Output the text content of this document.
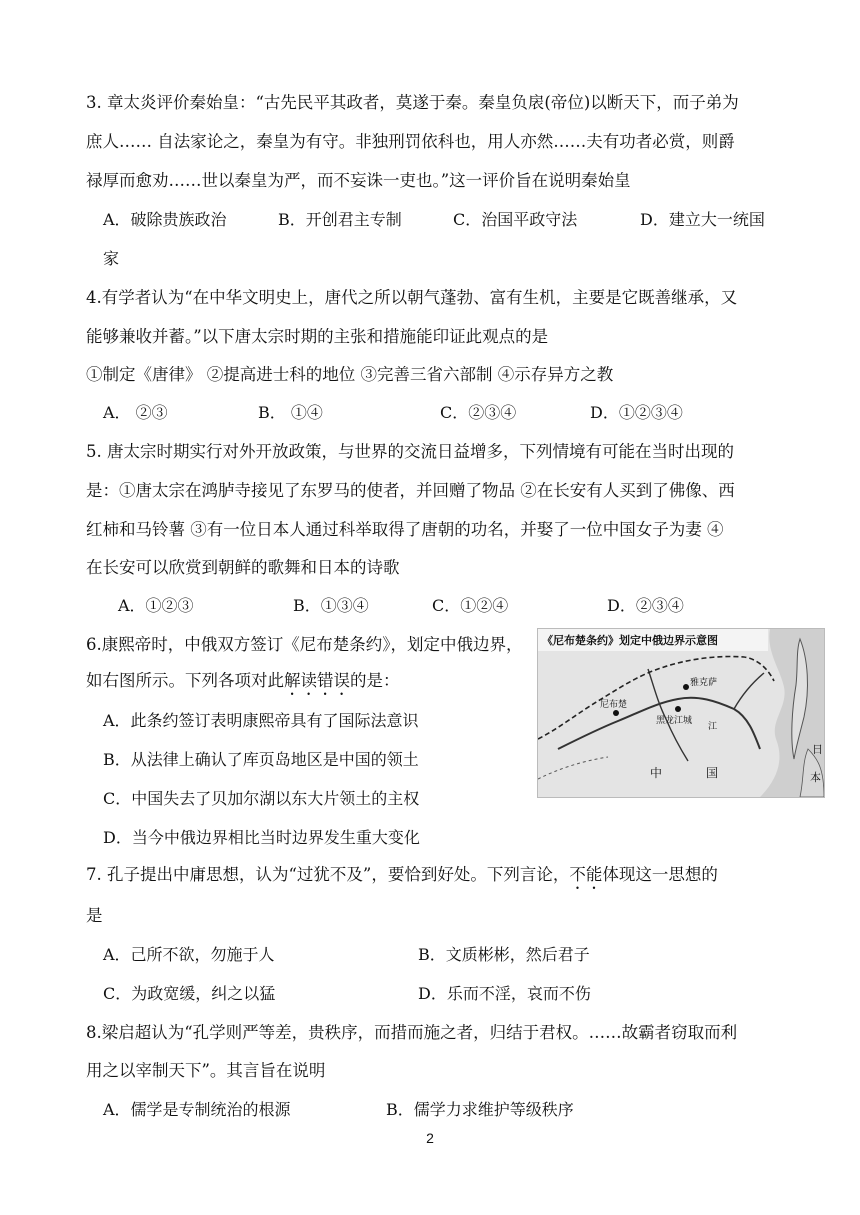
3. 章太炎评价秦始皇：“古先民平其政者，莫遂于秦。秦皇负扆(帝位)以断天下，而子弟为
庶人…… 自法家论之，秦皇为有守。非独刑罚依科也，用人亦然……夫有功者必赏，则爵
禄厚而愈劝……世以秦皇为严，而不妄诛一吏也。”这一评价旨在说明秦始皇
A．破除贵族政治	B．开创君主专制	C．治国平政守法	D．建立大一统国
家
4.有学者认为“在中华文明史上，唐代之所以朝气蓬勃、富有生机，主要是它既善继承，又
能够兼收并蓄。”以下唐太宗时期的主张和措施能印证此观点的是
①制定《唐律》 ②提高进士科的地位 ③完善三省六部制 ④示存异方之教
A． ②③	B． ①④	C．②③④	D．①②③④
5. 唐太宗时期实行对外开放政策，与世界的交流日益增多，下列情境有可能在当时出现的
是：①唐太宗在鸿胪寺接见了东罗马的使者，并回赠了物品 ②在长安有人买到了佛像、西
红柿和马铃薯 ③有一位日本人通过科举取得了唐朝的功名，并娶了一位中国女子为妻 ④
在长安可以欣赏到朝鲜的歌舞和日本的诗歌
A．①②③	B．①③④	C．①②④	D．②③④
6.康熙帝时，中俄双方签订《尼布楚条约》，划定中俄边界，
如右图所示。下列各项对此解读错误的是：
A．此条约签订表明康熙帝具有了国际法意识
B．从法律上确认了库页岛地区是中国的领土
C．中国失去了贝加尔湖以东大片领土的主权
D．当今中俄边界相比当时边界发生重大变化
《尼布楚条约》划定中俄边界示意图
尼布楚
雅克萨
黑龙江城
江
中	国
日
本
7. 孔子提出中庸思想，认为“过犹不及”，要恰到好处。下列言论，不能体现这一思想的
是
A．己所不欲，勿施于人	B．文质彬彬，然后君子
C．为政宽缓，纠之以猛	D．乐而不淫，哀而不伤
8.梁启超认为“孔学则严等差，贵秩序，而措而施之者，归结于君权。……故霸者窃取而利
用之以宰制天下”。其言旨在说明
A．儒学是专制统治的根源	B．儒学力求维护等级秩序
2
